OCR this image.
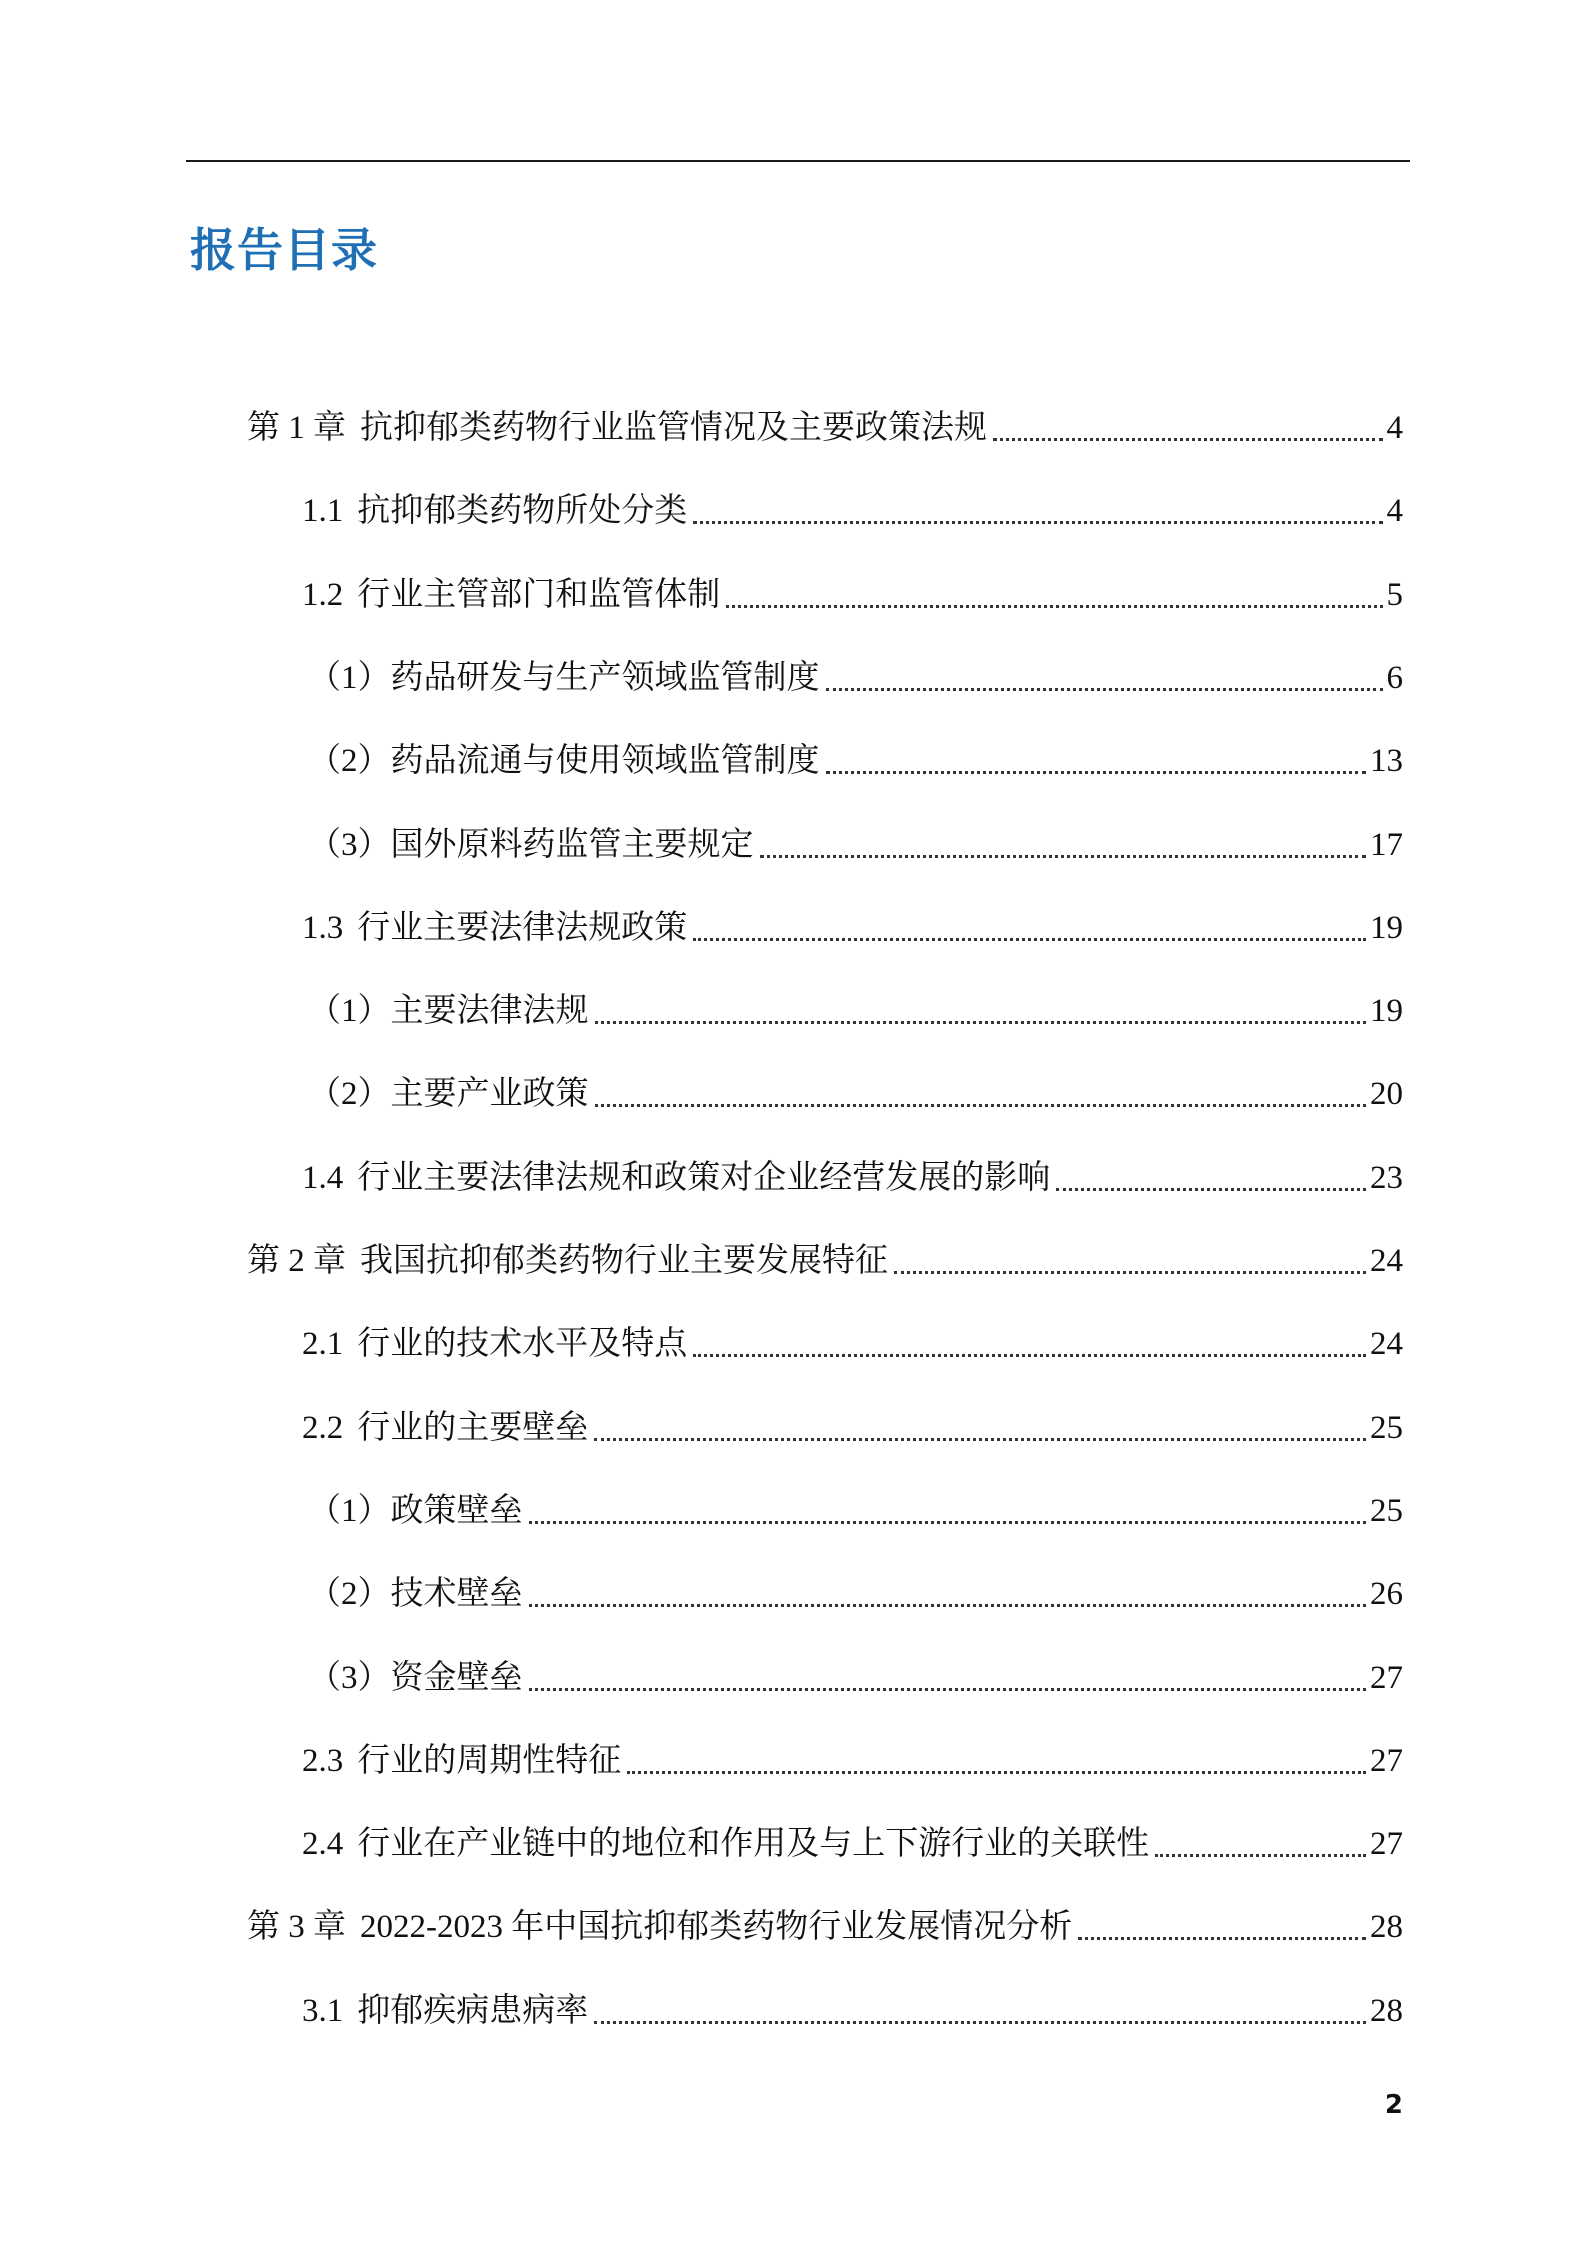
报告目录
第 1 章 抗抑郁类药物行业监管情况及主要政策法规	4
1.1 抗抑郁类药物所处分类	4
1.2 行业主管部门和监管体制	5
（1） 药品研发与生产领域监管制度	6
（2） 药品流通与使用领域监管制度	13
（3） 国外原料药监管主要规定	17
1.3 行业主要法律法规政策	19
（1） 主要法律法规	19
（2） 主要产业政策	20
1.4 行业主要法律法规和政策对企业经营发展的影响	23
第 2 章 我国抗抑郁类药物行业主要发展特征	24
2.1 行业的技术水平及特点	24
2.2 行业的主要壁垒	25
（1） 政策壁垒	25
（2） 技术壁垒	26
（3） 资金壁垒	27
2.3 行业的周期性特征	27
2.4 行业在产业链中的地位和作用及与上下游行业的关联性	27
第 3 章 2022-2023 年中国抗抑郁类药物行业发展情况分析	28
3.1 抑郁疾病患病率	28
2
